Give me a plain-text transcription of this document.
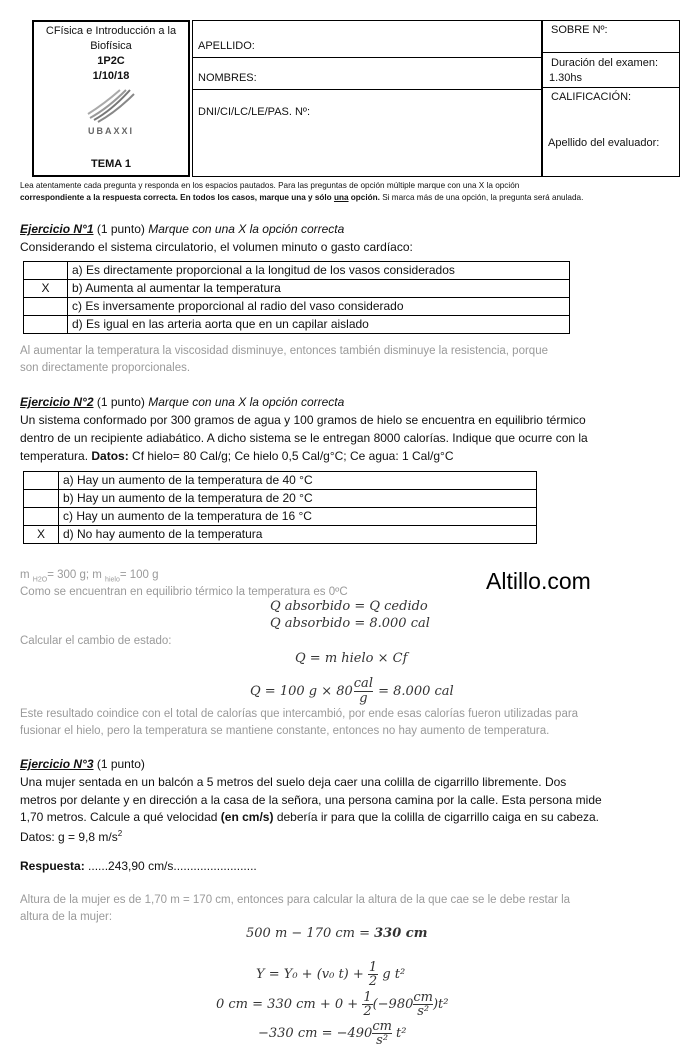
CFísica e Introducción a la
Biofísica
1P2C
1/10/18
UBAXXI
TEMA 1
APELLIDO:
NOMBRES:
DNI/CI/LC/LE/PAS. Nº:
SOBRE Nº:
Duración del examen:
1.30hs
CALIFICACIÓN:
Apellido del evaluador:
Lea atentamente cada pregunta y responda en los espacios pautados. Para las preguntas de opción múltiple marque con una X la opción
correspondiente a la respuesta correcta. En todos los casos, marque una y sólo una opción. Si marca más de una opción, la pregunta será anulada.
Ejercicio N°1 (1 punto) Marque con una X la opción correcta
Considerando el sistema circulatorio, el volumen minuto o gasto cardíaco:
	a) Es directamente proporcional a la longitud de los vasos considerados
X	b) Aumenta al aumentar la temperatura
	c) Es inversamente proporcional al radio del vaso considerado
	d) Es igual en las arteria aorta que en un capilar aislado
Al aumentar la temperatura la viscosidad disminuye, entonces también disminuye la resistencia, porque
son directamente proporcionales.
Ejercicio N°2 (1 punto) Marque con una X la opción correcta
Un sistema conformado por 300 gramos de agua y 100 gramos de hielo se encuentra en equilibrio térmico
dentro de un recipiente adiabático. A dicho sistema se le entregan 8000 calorías. Indique que ocurre con la
temperatura. Datos: Cf hielo= 80 Cal/g; Ce hielo 0,5 Cal/g°C; Ce agua: 1 Cal/g°C
	a) Hay un aumento de la temperatura de 40 °C
	b) Hay un aumento de la temperatura de 20 °C
	c) Hay un aumento de la temperatura de 16 °C
X	d) No hay aumento de la temperatura
m $_{H2O}$= 300 g; m $_{hielo}$= 100 g
Como se encuentran en equilibrio térmico la temperatura es 0ºC
Q absorbido = Q cedido
Q absorbido = 8.000 cal
Calcular el cambio de estado:
Q = m hielo × Cf
Q = 100 g × 80
cal
g = 8.000 cal
Altillo.com
Este resultado coindice con el total de calorías que intercambió, por ende esas calorías fueron utilizadas para
fusionar el hielo, pero la temperatura se mantiene constante, entonces no hay aumento de temperatura.
Ejercicio N°3 (1 punto)
Una mujer sentada en un balcón a 5 metros del suelo deja caer una colilla de cigarrillo libremente. Dos
metros por delante y en dirección a la casa de la señora, una persona camina por la calle. Esta persona mide
1,70 metros. Calcule a qué velocidad (en cm/s) debería ir para que la colilla de cigarrillo caiga en su cabeza.
Datos: g = 9,8 $m/s^2$
Respuesta: ......243,90 cm/s.........................
Altura de la mujer es de 1,70 m = 170 cm, entonces para calcular la altura de la que cae se le debe restar la
altura de la mujer:
500 m − 170 cm = 330 cm
Y = Y₀ + (v₀ $t) + \frac{1}{2}$ g t²
0 cm = 330 cm + $0 + \frac{1}{2} (-980 \frac{cm}{\text{s²}} )t^2$
−330 cm = $-490 \frac{cm}{\text{s²}} t^2$
